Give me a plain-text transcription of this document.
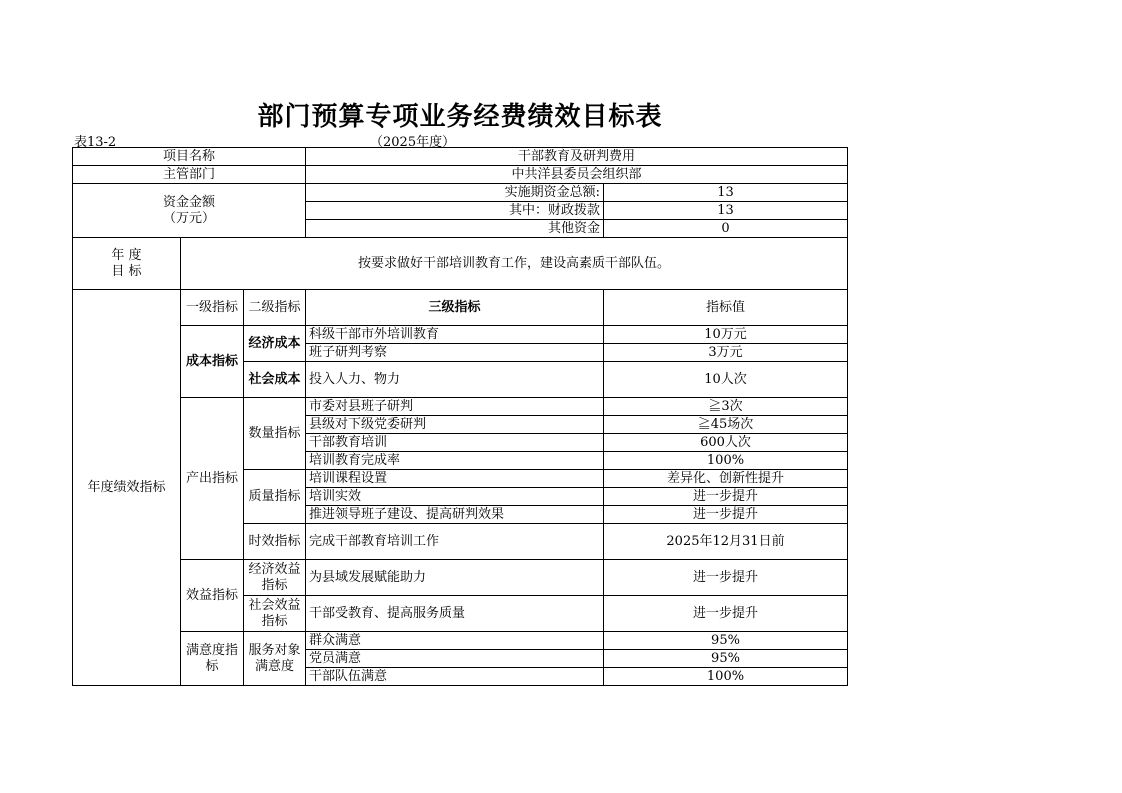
部门预算专项业务经费绩效目标表
表13-2	（2025年度）
项目名称			干部教育及研判费用	
主管部门			中共洋县委员会组织部	
资金金额
（万元）			实施期资金总额:	13
			其中：财政拨款	13
			其他资金	0
年 度
目 标	按要求做好干部培训教育工作，建设高素质干部队伍。			
年度绩效指标	一级指标	二级指标	三级指标	指标值
	成本指标	经济成本	科级干部市外培训教育	10万元
			班子研判考察	3万元
		社会成本	投入人力、物力	10人次
	产出指标	数量指标	市委对县班子研判	≧3次
			县级对下级党委研判	≧45场次
			干部教育培训	600人次
			培训教育完成率	100%
		质量指标	培训课程设置	差异化、创新性提升
			培训实效	进一步提升
			推进领导班子建设、提高研判效果	进一步提升
		时效指标	完成干部教育培训工作	2025年12月31日前
	效益指标	经济效益指标	为县域发展赋能助力	进一步提升
		社会效益指标	干部受教育、提高服务质量	进一步提升
	满意度指标	服务对象满意度	群众满意	95%
			党员满意	95%
			干部队伍满意	100%
